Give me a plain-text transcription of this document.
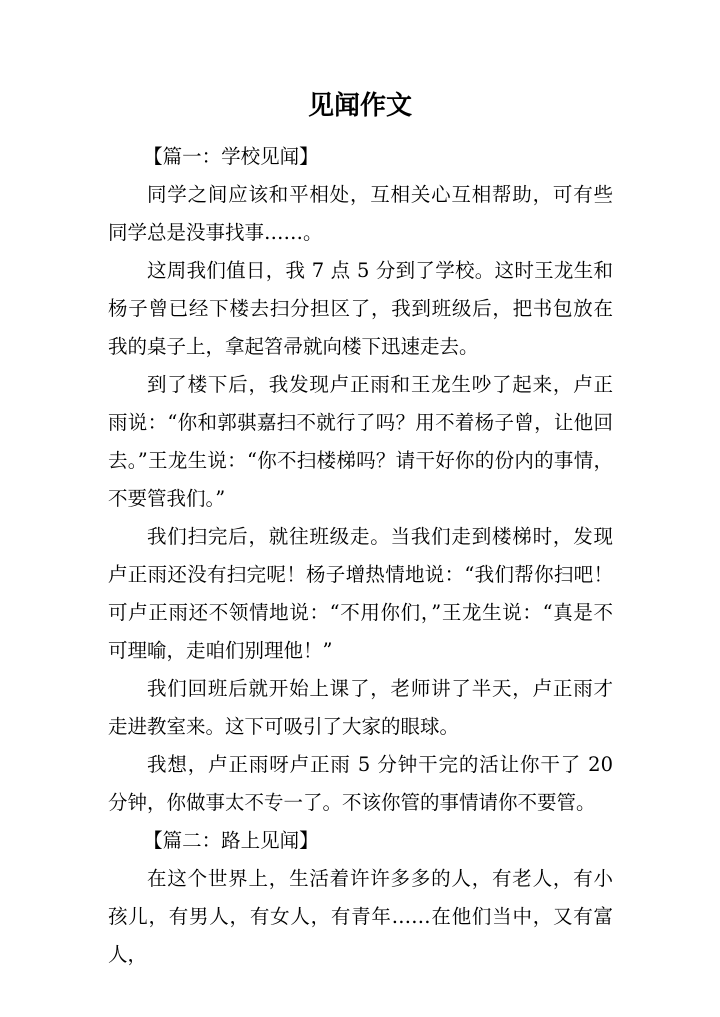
见闻作文

【篇一：学校见闻】

同学之间应该和平相处，互相关心互相帮助，可有些同学总是没事找事……。

这周我们值日，我 7 点 5 分到了学校。这时王龙生和杨子曾已经下楼去扫分担区了，我到班级后，把书包放在我的桌子上，拿起笤帚就向楼下迅速走去。

到了楼下后，我发现卢正雨和王龙生吵了起来，卢正雨说：“你和郭骐嘉扫不就行了吗？用不着杨子曾，让他回去。”王龙生说：“你不扫楼梯吗？请干好你的份内的事情，不要管我们。”

我们扫完后，就往班级走。当我们走到楼梯时，发现卢正雨还没有扫完呢！杨子增热情地说：“我们帮你扫吧！可卢正雨还不领情地说：“不用你们，”王龙生说：“真是不可理喻，走咱们别理他！”

我们回班后就开始上课了，老师讲了半天，卢正雨才走进教室来。这下可吸引了大家的眼球。

我想，卢正雨呀卢正雨 5 分钟干完的活让你干了 20 分钟，你做事太不专一了。不该你管的事情请你不要管。

【篇二：路上见闻】

在这个世界上，生活着许许多多的人，有老人，有小孩儿，有男人，有女人，有青年……在他们当中，又有富人，
